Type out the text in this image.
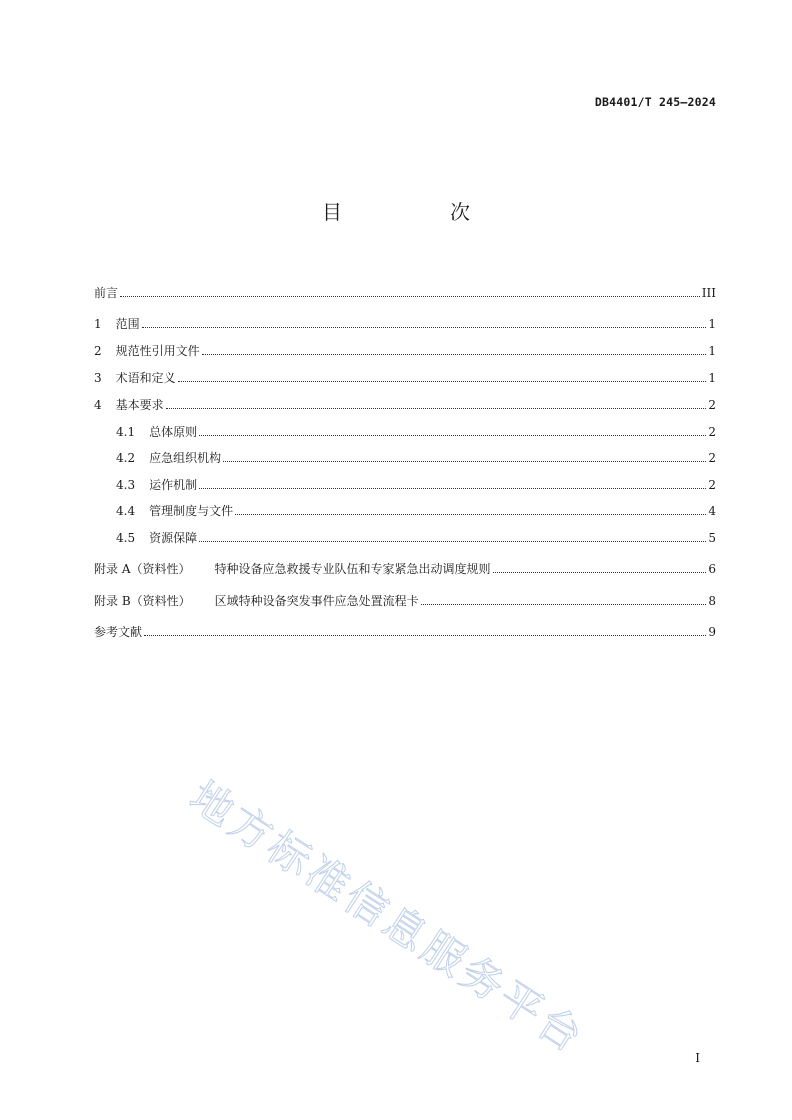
DB4401/T 245—2024
目　次
前言	III
1 范围	1
2 规范性引用文件	1
3 术语和定义	1
4 基本要求	2
4.1 总体原则	2
4.2 应急组织机构	2
4.3 运作机制	2
4.4 管理制度与文件	4
4.5 资源保障	5
附录 A（资料性） 特种设备应急救援专业队伍和专家紧急出动调度规则	6
附录 B（资料性） 区域特种设备突发事件应急处置流程卡	8
参考文献	9
地方标准信息服务平台	I
